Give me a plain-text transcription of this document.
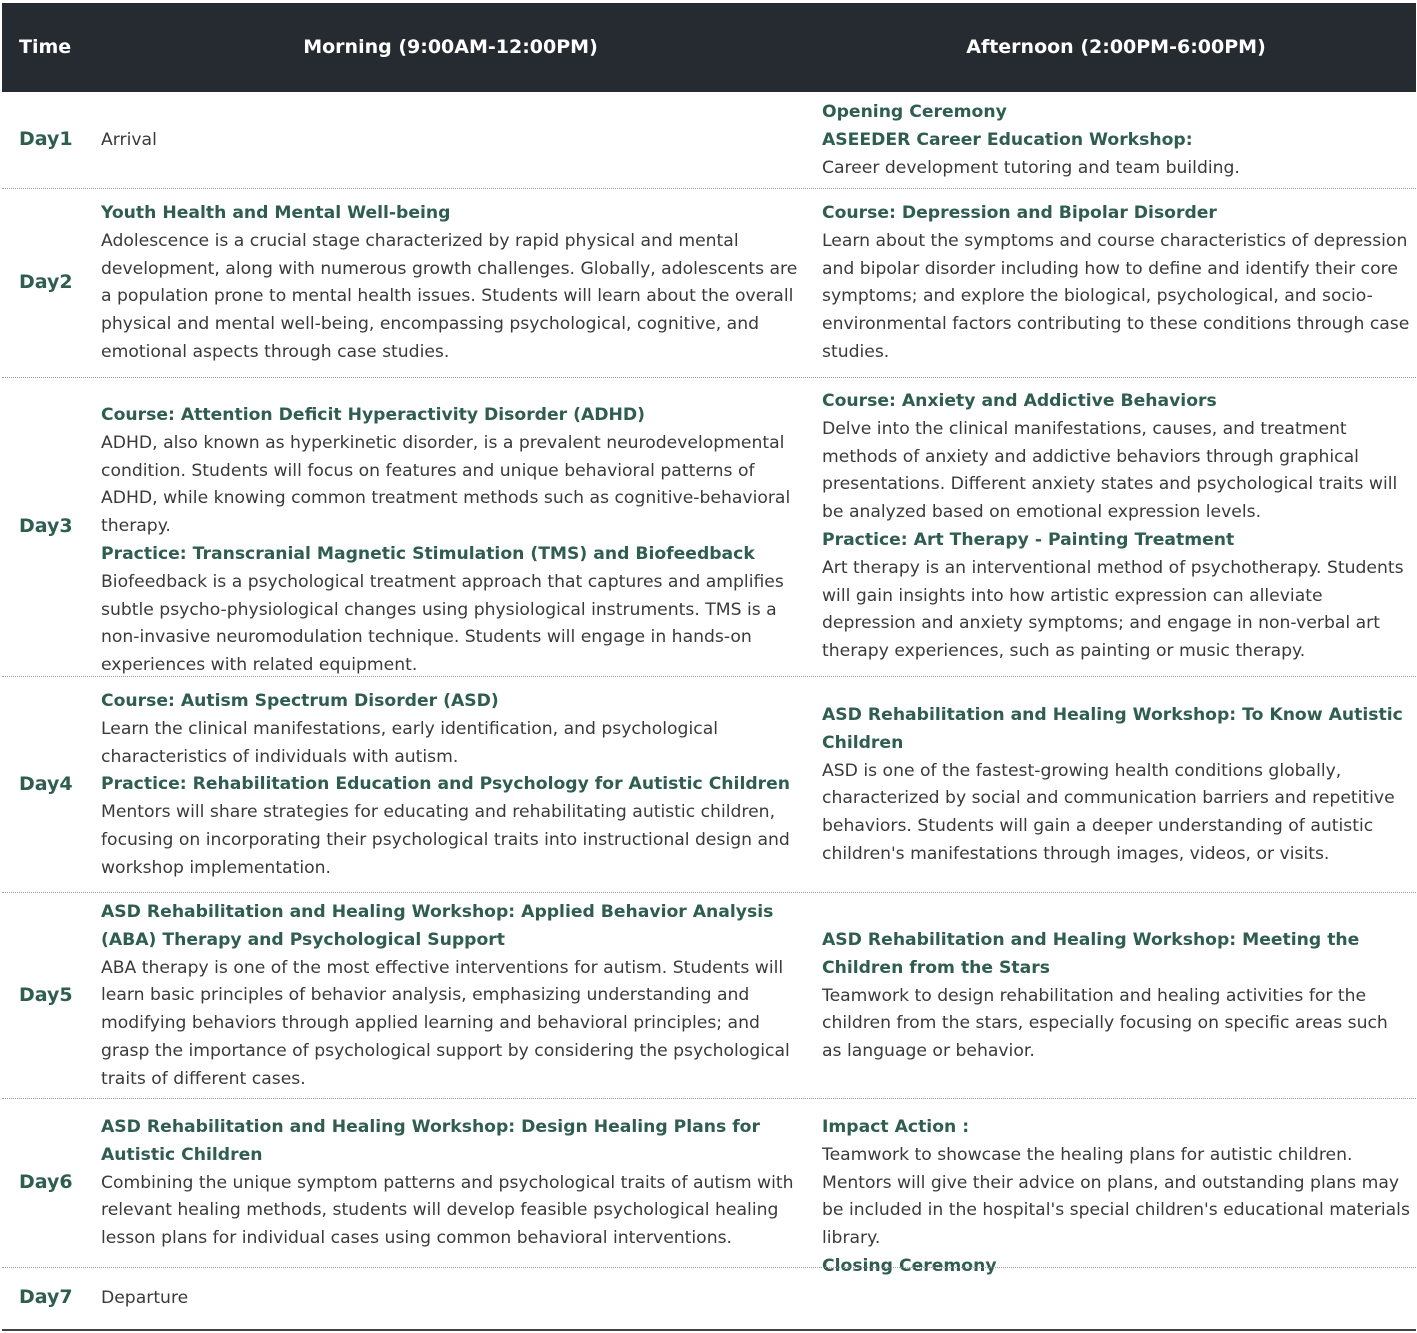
Time	Morning (9:00AM-12:00PM)	Afternoon (2:00PM-6:00PM)
Day1 Arrival
Opening Ceremony
ASEEDER Career Education Workshop:
Career development tutoring and team building.
Day2
Youth Health and Mental Well-being
Adolescence is a crucial stage characterized by rapid physical and mental development, along with numerous growth challenges. Globally, adolescents are a population prone to mental health issues. Students will learn about the overall physical and mental well-being, encompassing psychological, cognitive, and emotional aspects through case studies.
Course: Depression and Bipolar Disorder
Learn about the symptoms and course characteristics of depression and bipolar disorder including how to define and identify their core symptoms; and explore the biological, psychological, and socio-environmental factors contributing to these conditions through case studies.
Day3
Course: Attention Deficit Hyperactivity Disorder (ADHD)
ADHD, also known as hyperkinetic disorder, is a prevalent neurodevelopmental condition. Students will focus on features and unique behavioral patterns of ADHD, while knowing common treatment methods such as cognitive-behavioral therapy.
Practice: Transcranial Magnetic Stimulation (TMS) and Biofeedback
Biofeedback is a psychological treatment approach that captures and amplifies subtle psycho-physiological changes using physiological instruments. TMS is a non-invasive neuromodulation technique. Students will engage in hands-on experiences with related equipment.
Course: Anxiety and Addictive Behaviors
Delve into the clinical manifestations, causes, and treatment methods of anxiety and addictive behaviors through graphical presentations. Different anxiety states and psychological traits will be analyzed based on emotional expression levels.
Practice: Art Therapy - Painting Treatment
Art therapy is an interventional method of psychotherapy. Students will gain insights into how artistic expression can alleviate depression and anxiety symptoms; and engage in non-verbal art therapy experiences, such as painting or music therapy.
Day4
Course: Autism Spectrum Disorder (ASD)
Learn the clinical manifestations, early identification, and psychological characteristics of individuals with autism.
Practice: Rehabilitation Education and Psychology for Autistic Children
Mentors will share strategies for educating and rehabilitating autistic children, focusing on incorporating their psychological traits into instructional design and workshop implementation.
ASD Rehabilitation and Healing Workshop: To Know Autistic Children
ASD is one of the fastest-growing health conditions globally, characterized by social and communication barriers and repetitive behaviors. Students will gain a deeper understanding of autistic children's manifestations through images, videos, or visits.
Day5
ASD Rehabilitation and Healing Workshop: Applied Behavior Analysis (ABA) Therapy and Psychological Support
ABA therapy is one of the most effective interventions for autism. Students will learn basic principles of behavior analysis, emphasizing understanding and modifying behaviors through applied learning and behavioral principles; and grasp the importance of psychological support by considering the psychological traits of different cases.
ASD Rehabilitation and Healing Workshop: Meeting the Children from the Stars
Teamwork to design rehabilitation and healing activities for the children from the stars, especially focusing on specific areas such as language or behavior.
Day6
ASD Rehabilitation and Healing Workshop: Design Healing Plans for Autistic Children
Combining the unique symptom patterns and psychological traits of autism with relevant healing methods, students will develop feasible psychological healing lesson plans for individual cases using common behavioral interventions.
Impact Action :
Teamwork to showcase the healing plans for autistic children. Mentors will give their advice on plans, and outstanding plans may be included in the hospital's special children's educational materials library.
Closing Ceremony
Day7 Departure
